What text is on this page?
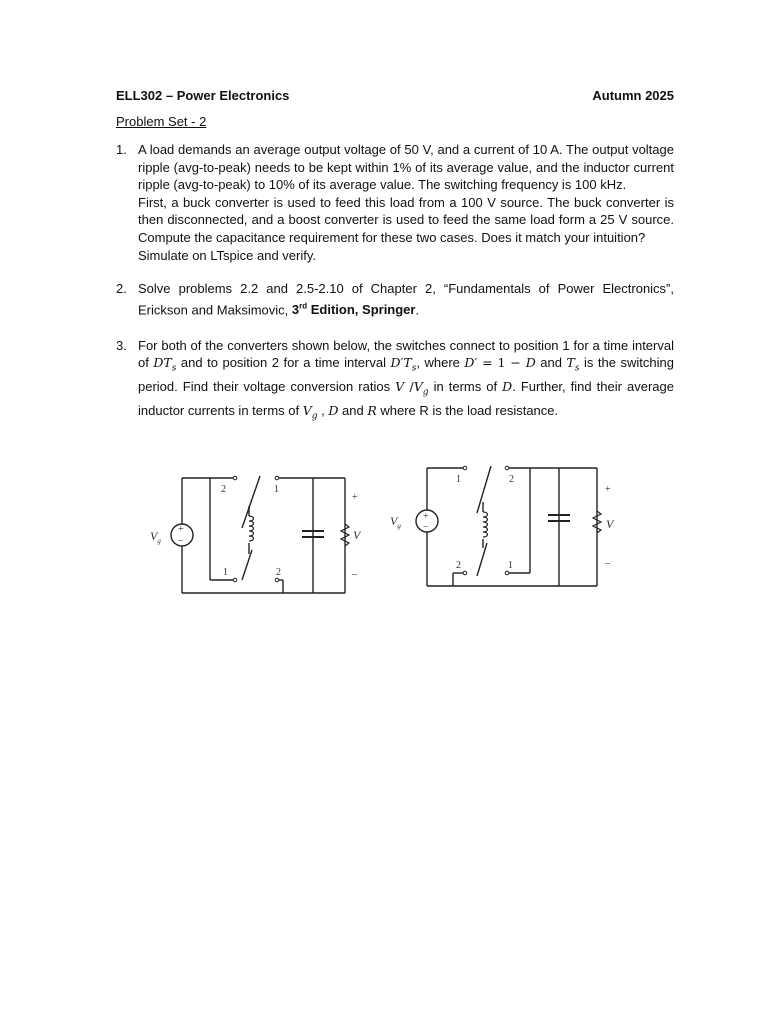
ELL302 – Power Electronics	Autumn 2025
Problem Set - 2
1. A load demands an average output voltage of 50 V, and a current of 10 A. The output voltage ripple (avg-to-peak) needs to be kept within 1% of its average value, and the inductor current ripple (avg-to-peak) to 10% of its average value. The switching frequency is 100 kHz.

First, a buck converter is used to feed this load from a 100 V source. The buck converter is then disconnected, and a boost converter is used to feed the same load form a 25 V source. Compute the capacitance requirement for these two cases. Does it match your intuition?

Simulate on LTspice and verify.

2. Solve problems 2.2 and 2.5-2.10 of Chapter 2, “Fundamentals of Power Electronics”, Erickson and Maksimovic, 3rd Edition, Springer.

3. For both of the converters shown below, the switches connect to position 1 for a time interval of $DT_s$ and to position 2 for a time interval $D'T_s$, where D′ = 1 − D and $T_s$ is the switching period. Find their voltage conversion ratios V $/V_g$ in terms of D. Further, find their average inductor currents in terms of $V_g$ , D and R where R is the load resistance.

+
−
$V_g$
2	1
1	2
+
–
V
+
−
$V_g$
1	2
2	1
+
–
V
